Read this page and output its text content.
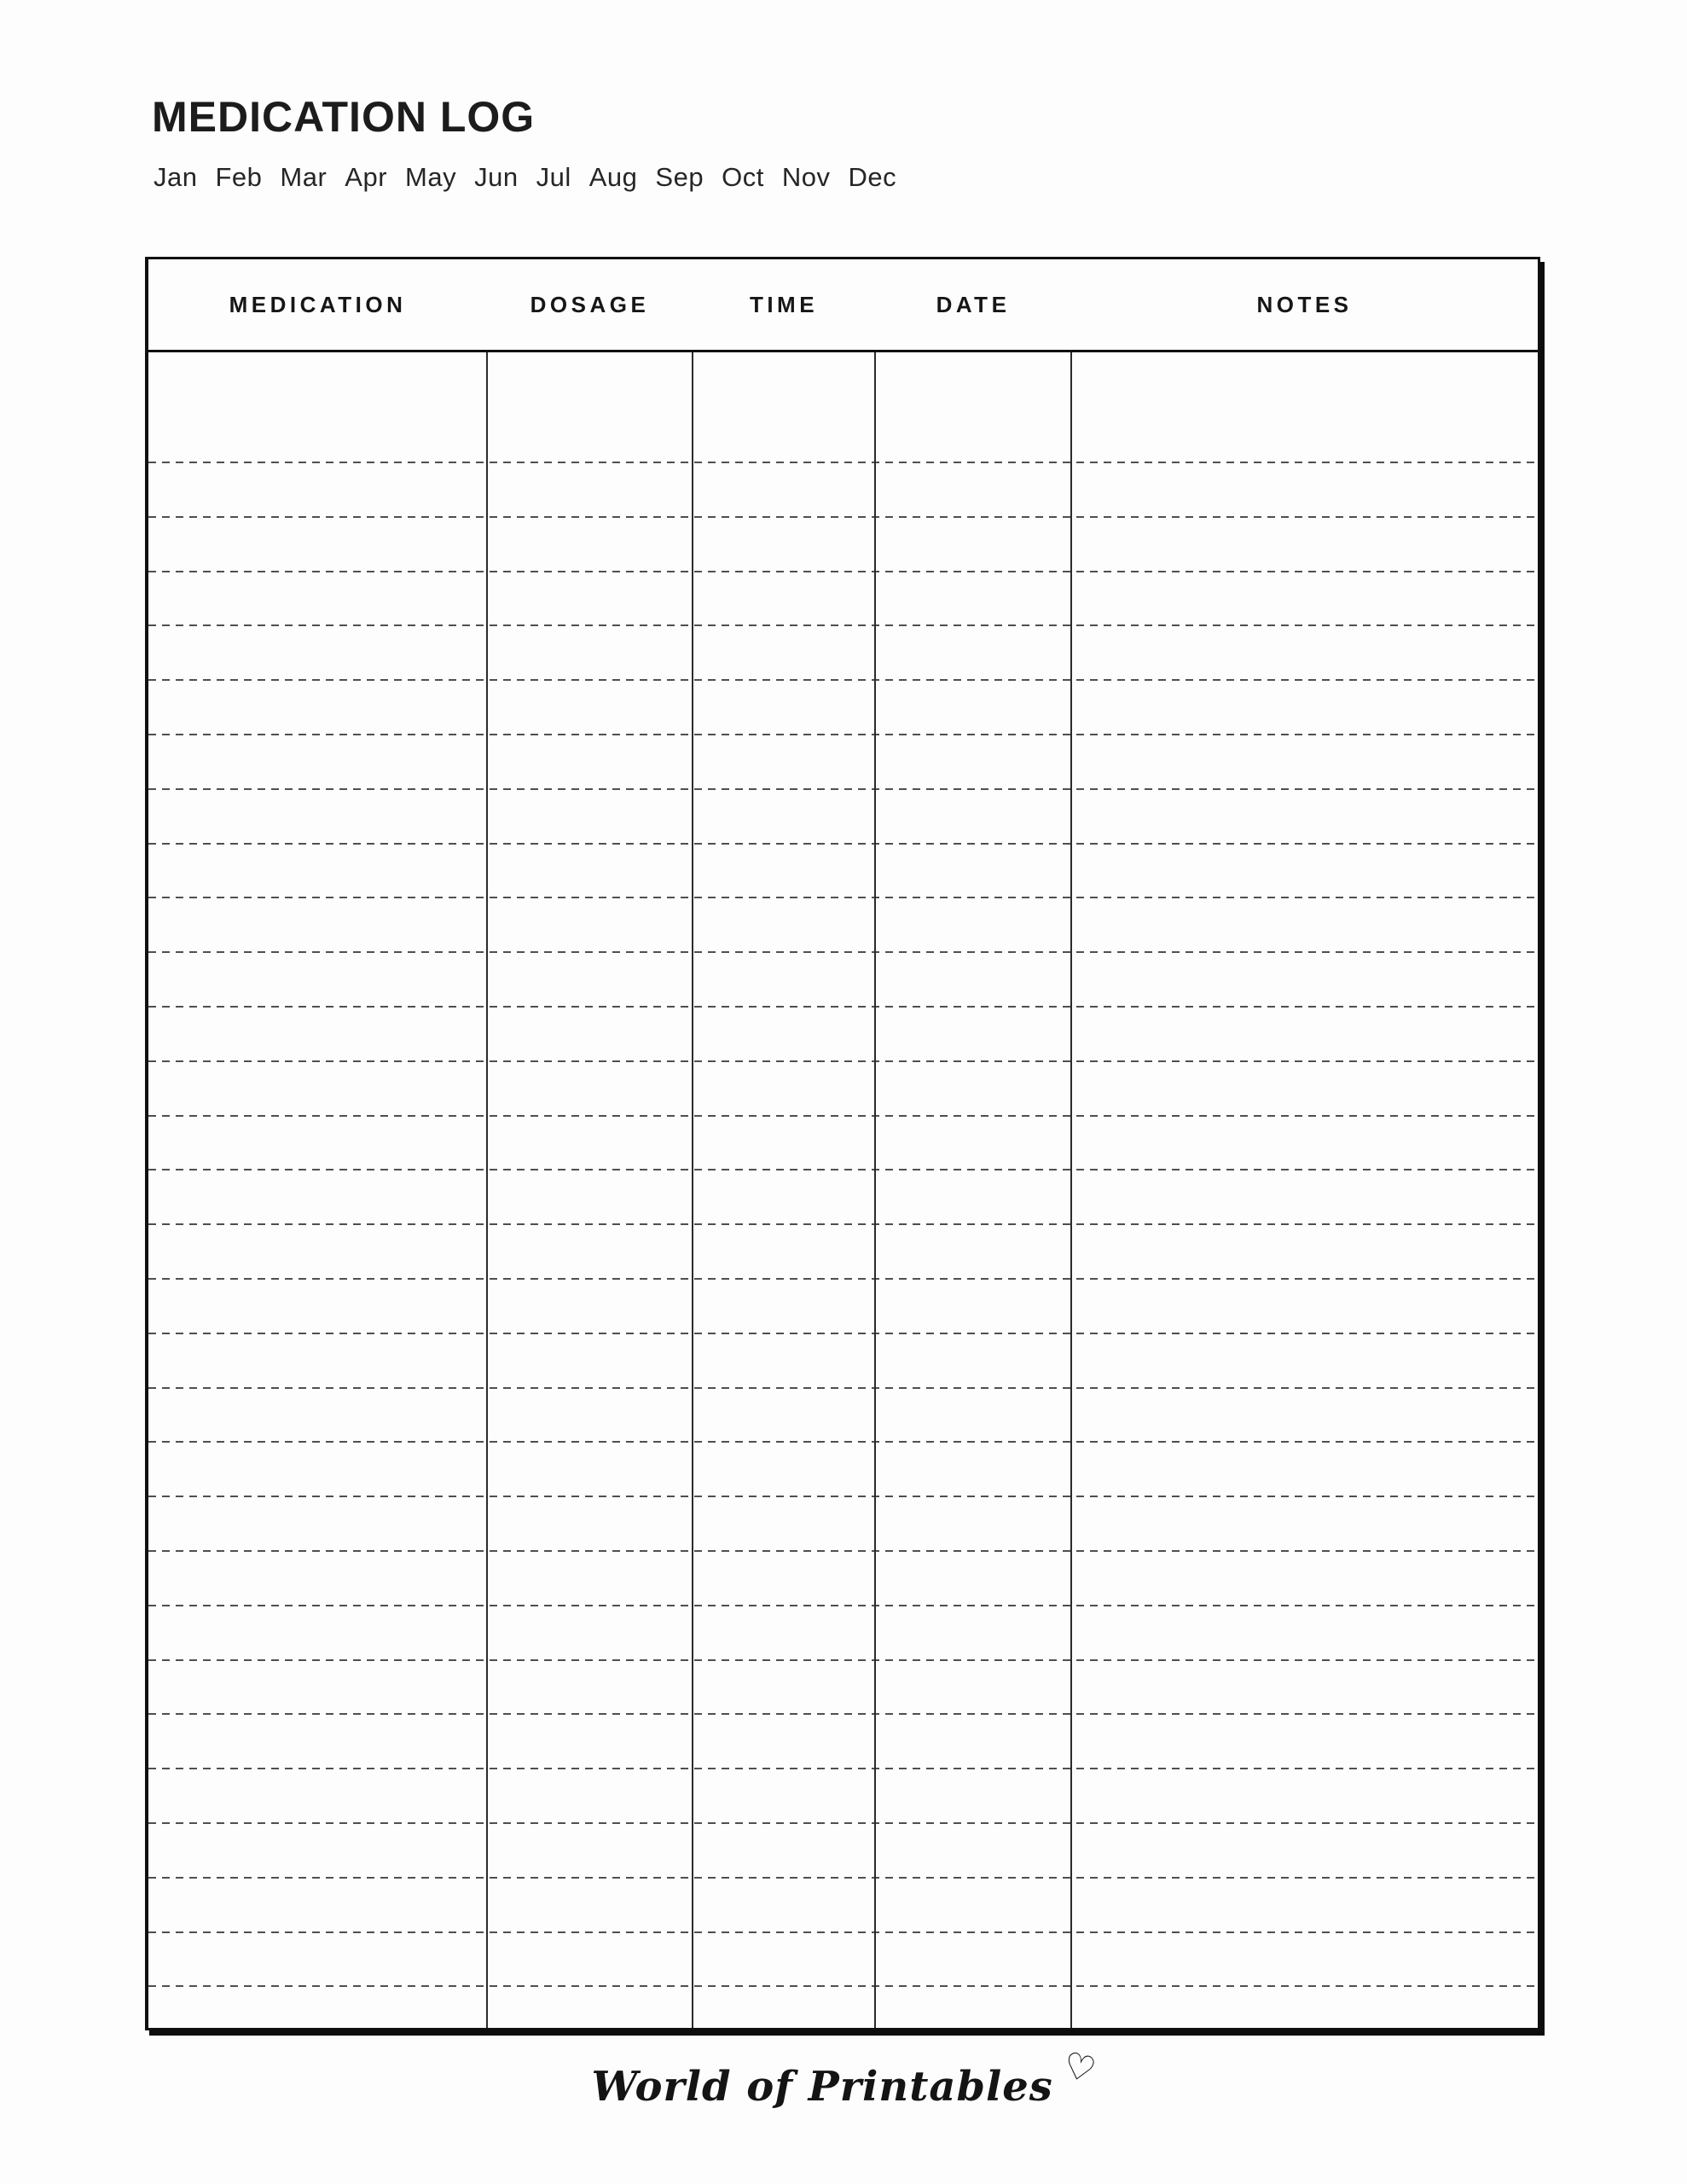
MEDICATION LOG
Jan Feb Mar Apr May Jun Jul Aug Sep Oct Nov Dec
MEDICATION	DOSAGE	TIME	DATE	NOTES
World of Printables ♡
